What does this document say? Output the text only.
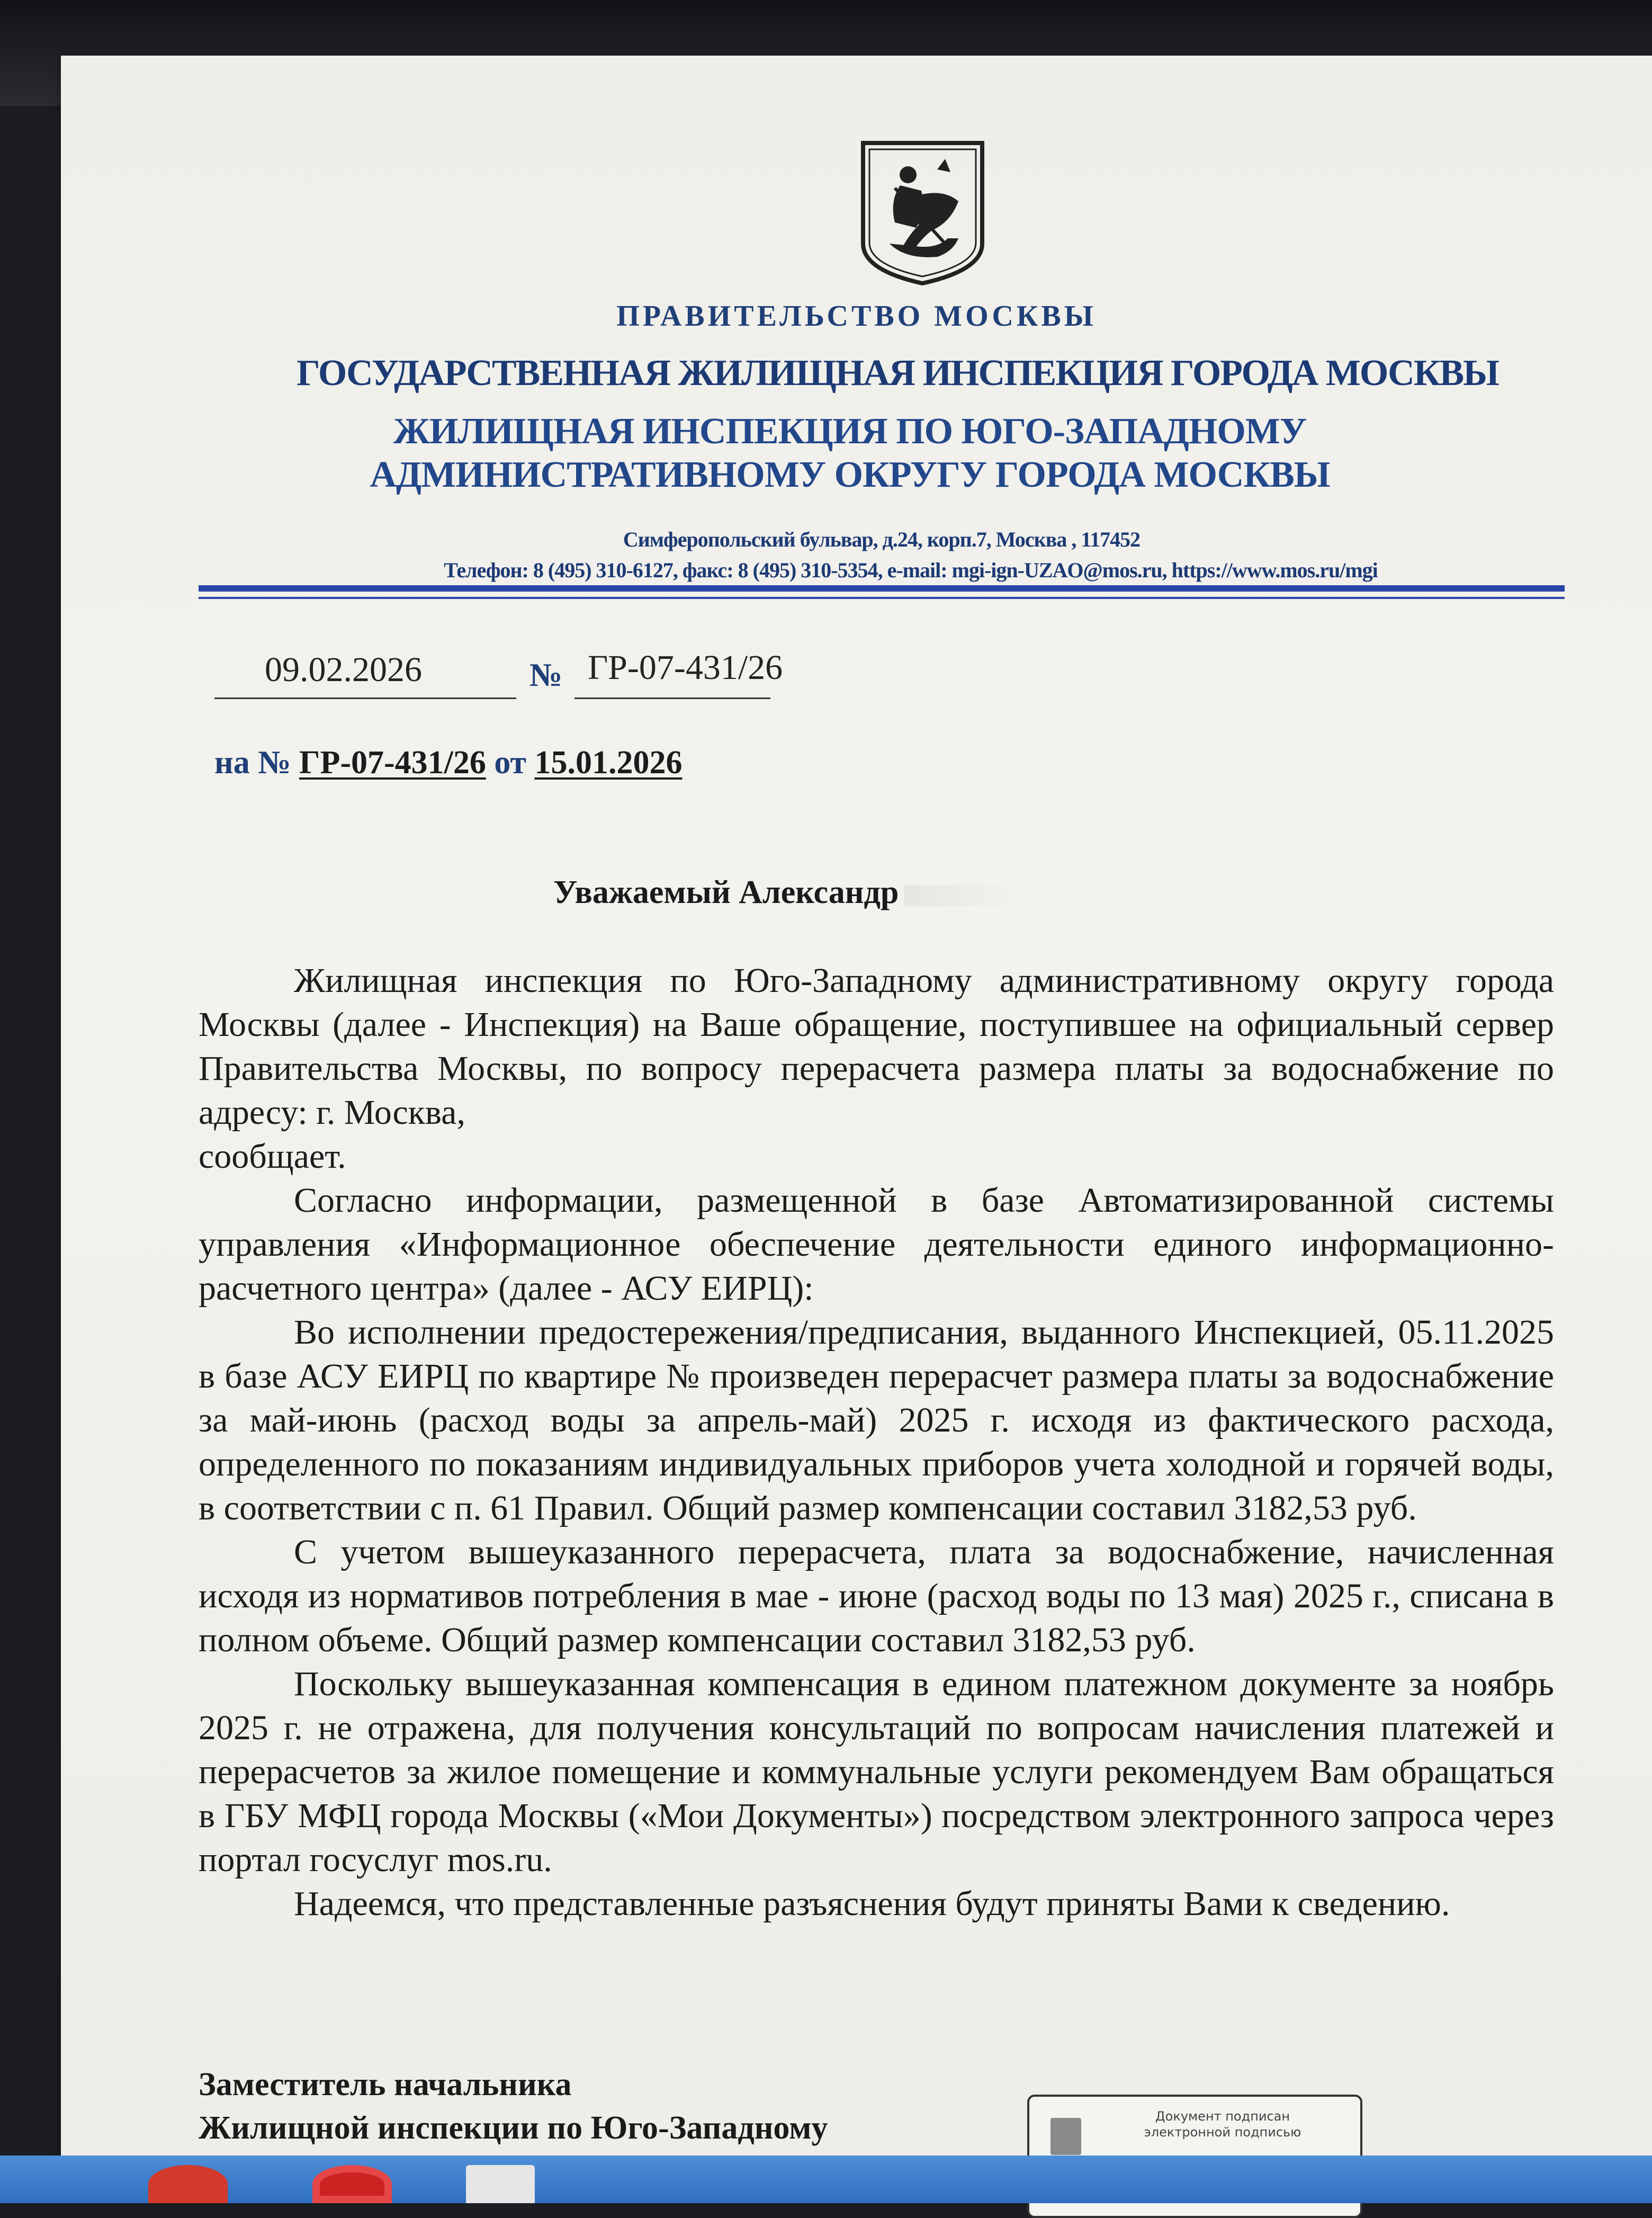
ПРАВИТЕЛЬСТВО МОСКВЫ
ГОСУДАРСТВЕННАЯ ЖИЛИЩНАЯ ИНСПЕКЦИЯ ГОРОДА МОСКВЫ
ЖИЛИЩНАЯ ИНСПЕКЦИЯ ПО ЮГО-ЗАПАДНОМУ
АДМИНИСТРАТИВНОМУ ОКРУГУ ГОРОДА МОСКВЫ
Симферопольский бульвар, д.24, корп.7, Москва , 117452
Телефон: 8 (495) 310-6127, факс: 8 (495) 310-5354, e-mail: mgi-ign-UZAO@mos.ru, https://www.mos.ru/mgi
09.02.2026	№ ГР-07-431/26
на № ГР-07-431/26 от 15.01.2026
Уважаемый Александр

Жилищная инспекция по Юго-Западному административному округу города Москвы (далее - Инспекция) на Ваше обращение, поступившее на официальный сервер Правительства Москвы, по вопросу перерасчета размера платы за водоснабжение по адресу: г. Москва,

сообщает.

Согласно информации, размещенной в базе Автоматизированной системы управления «Информационное обеспечение деятельности единого информационно-расчетного центра» (далее - АСУ ЕИРЦ):

Во исполнении предостережения/предписания, выданного Инспекцией, 05.11.2025 в базе АСУ ЕИРЦ по квартире № произведен перерасчет размера платы за водоснабжение за май-июнь (расход воды за апрель-май) 2025 г. исходя из фактического расхода, определенного по показаниям индивидуальных приборов учета холодной и горячей воды, в соответствии с п. 61 Правил. Общий размер компенсации составил 3182,53 руб.

С учетом вышеуказанного перерасчета, плата за водоснабжение, начисленная исходя из нормативов потребления в мае - июне (расход воды по 13 мая) 2025 г., списана в полном объеме. Общий размер компенсации составил 3182,53 руб.

Поскольку вышеуказанная компенсация в едином платежном документе за ноябрь 2025 г. не отражена, для получения консультаций по вопросам начисления платежей и перерасчетов за жилое помещение и коммунальные услуги рекомендуем Вам обращаться в ГБУ МФЦ города Москвы («Мои Документы») посредством электронного запроса через портал госуслуг mos.ru.

Надеемся, что представленные разъяснения будут приняты Вами к сведению.

Заместитель начальника
Жилищной инспекции по Юго-Западному	Документ подписан
электронной подписью
